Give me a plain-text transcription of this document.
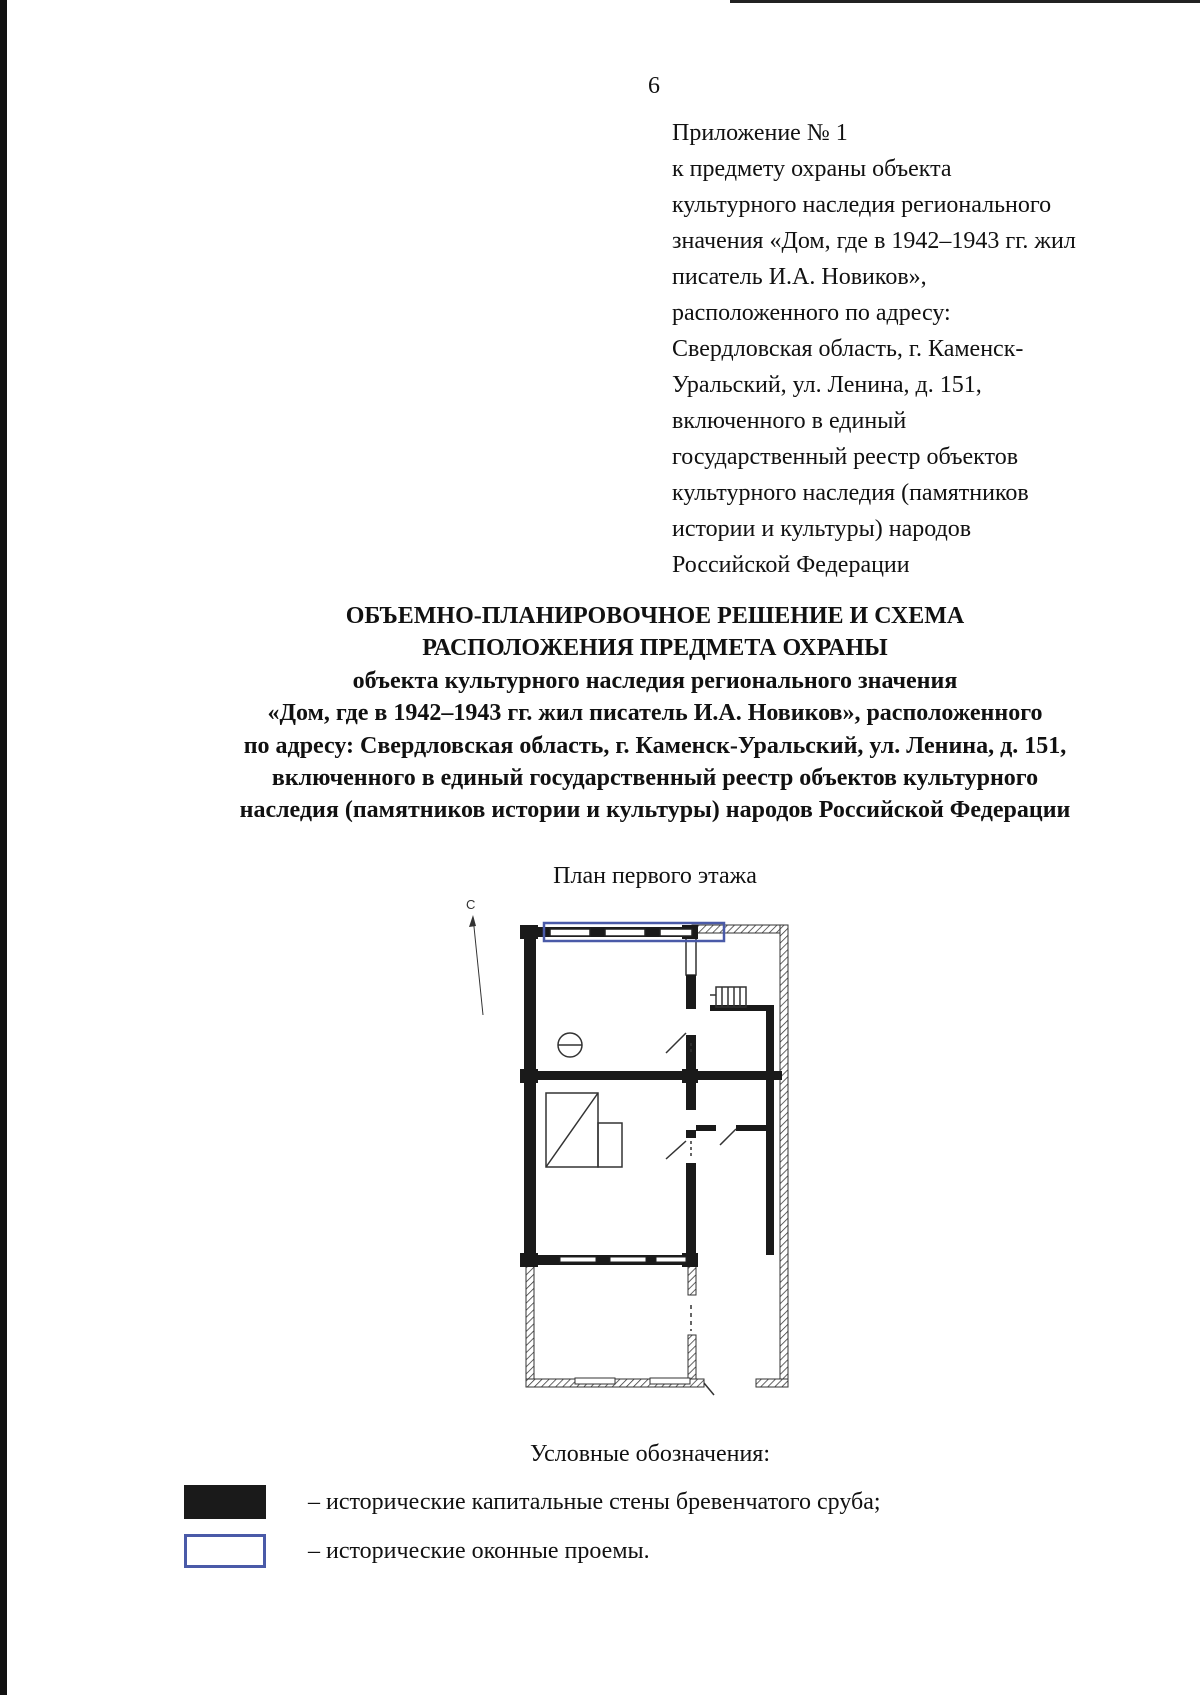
6
Приложение № 1
к предмету охраны объекта
культурного наследия регионального
значения «Дом, где в 1942–1943 гг. жил
писатель И.А. Новиков»,
расположенного по адресу:
Свердловская область, г. Каменск-
Уральский, ул. Ленина, д. 151,
включенного в единый
государственный реестр объектов
культурного наследия (памятников
истории и культуры) народов
Российской Федерации
ОБЪЕМНО-ПЛАНИРОВОЧНОЕ РЕШЕНИЕ И СХЕМА
РАСПОЛОЖЕНИЯ ПРЕДМЕТА ОХРАНЫ
объекта культурного наследия регионального значения
«Дом, где в 1942–1943 гг. жил писатель И.А. Новиков», расположенного
по адресу: Свердловская область, г. Каменск-Уральский, ул. Ленина, д. 151,
включенного в единый государственный реестр объектов культурного
наследия (памятников истории и культуры) народов Российской Федерации
План первого этажа
С
Условные обозначения:
– исторические капитальные стены бревенчатого сруба;
– исторические оконные проемы.
